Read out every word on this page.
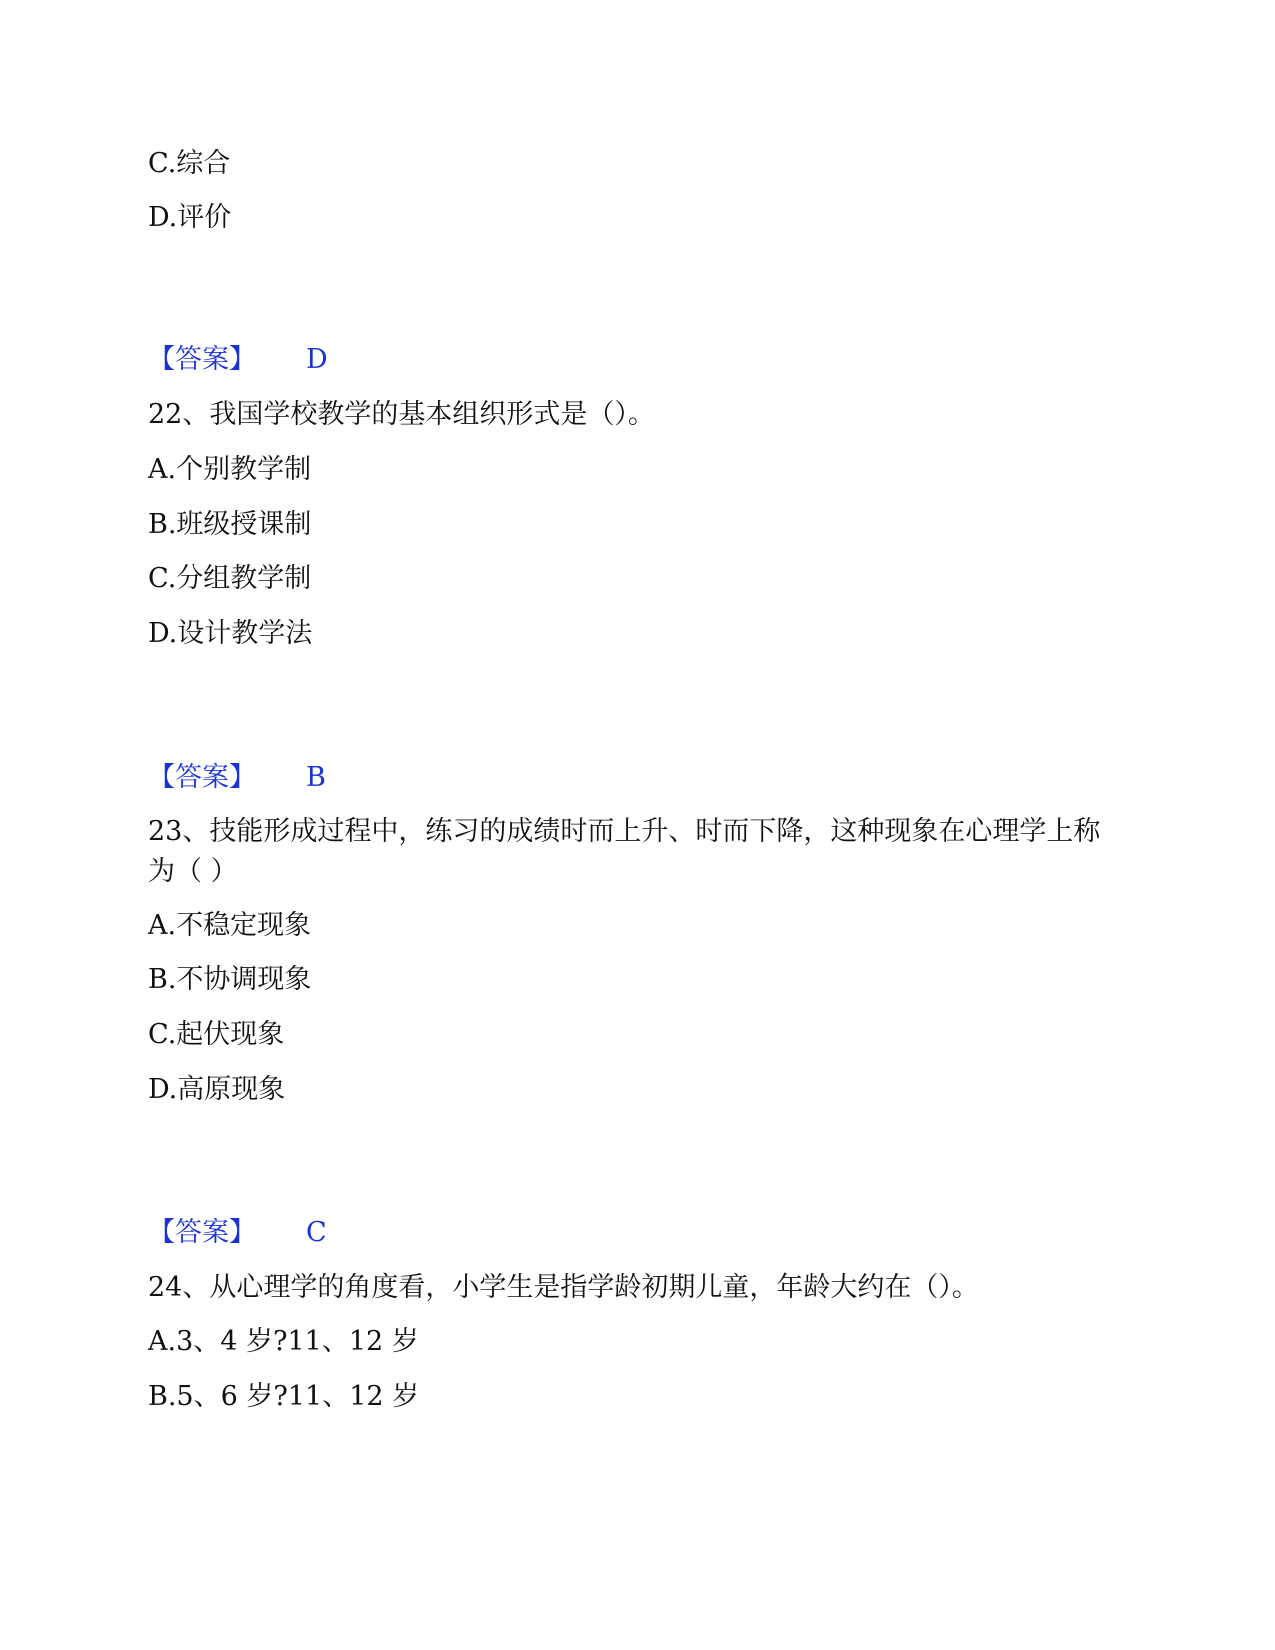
C.综合
D.评价
【答案】 D
22、我国学校教学的基本组织形式是（）。
A.个别教学制
B.班级授课制
C.分组教学制
D.设计教学法
【答案】 B
23、技能形成过程中，练习的成绩时而上升、时而下降，这种现象在心理学上称为（ ）
A.不稳定现象
B.不协调现象
C.起伏现象
D.高原现象
【答案】 C
24、从心理学的角度看，小学生是指学龄初期儿童，年龄大约在（）。
A.3、4 岁?11、12 岁
B.5、6 岁?11、12 岁
